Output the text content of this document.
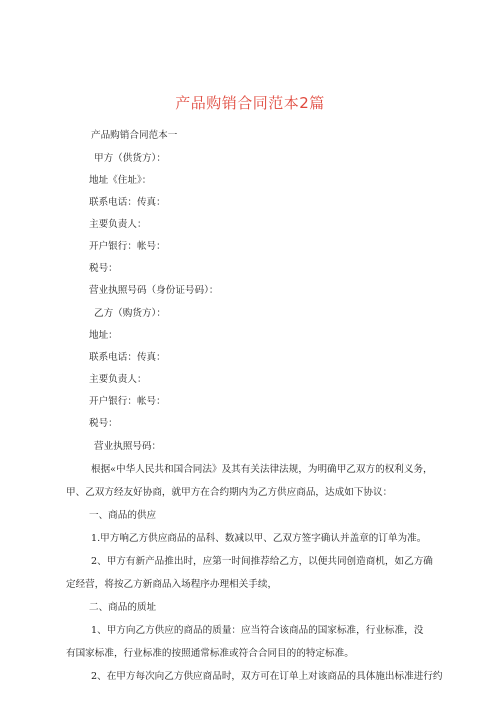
产品购销合同范本2篇
产品购销合同范本一
甲方（供货方）：
地址《住址》：
联系电话：传真：
主要负责人：
开户银行：帐号：
税号：
营业执照号码（身份证号码）：
乙方（购货方）：
地址：
联系电话：传真：
主要负责人：
开户银行：帐号：
税号：
营业执照号码：
根据«中华人民共和国合同法》及其有关法律法规，为明确甲乙双方的权利义务，
甲、乙双方经友好协商，就甲方在合约期内为乙方供应商品，达成如下协议：
一、商品的供应
1.甲方响乙方供应商品的品科、数减以甲、乙双方签字确认并盖章的订单为准。
2、甲方有新产品推出时，应第一时间推荐给乙方，以便共同创造商机，如乙方确
定经营，将按乙方新商品入场程序办理相关手续，
二、商品的质址
1、甲方向乙方供应的商品的质量：应当符合该商品的国家标准，行业标准，没
有国家标准，行业标准的按照通常标准或符合合同目的的特定标准。
2、在甲方每次向乙方供应商品时，双方可在订单上对该商品的具体施出标准进行约
